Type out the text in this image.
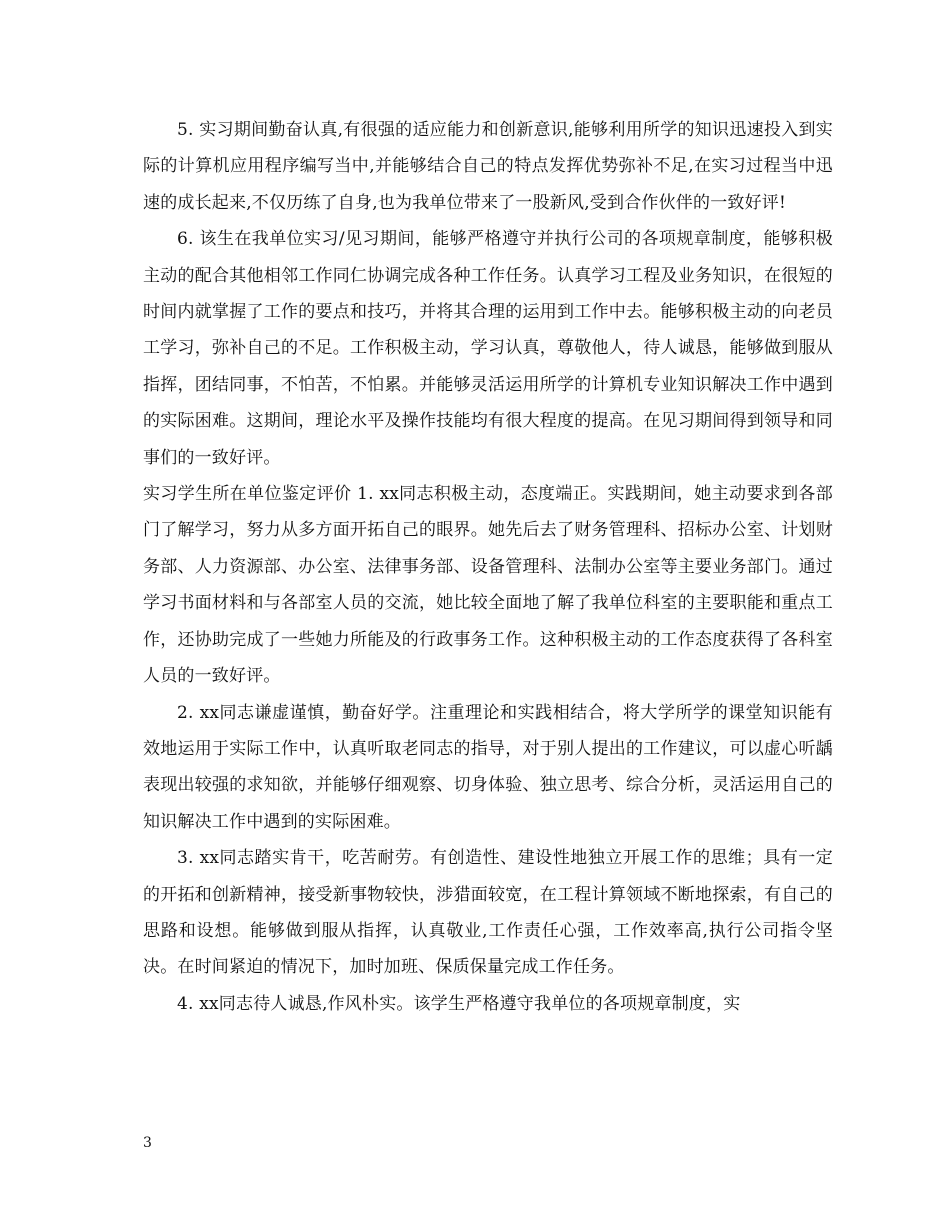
5. 实习期间勤奋认真,有很强的适应能力和创新意识,能够利用所学的知识迅速投入到实际的计算机应用程序编写当中,并能够结合自己的特点发挥优势弥补不足,在实习过程当中迅速的成长起来,不仅历练了自身,也为我单位带来了一股新风,受到合作伙伴的一致好评!

6. 该生在我单位实习/见习期间，能够严格遵守并执行公司的各项规章制度，能够积极主动的配合其他相邻工作同仁协调完成各种工作任务。认真学习工程及业务知识，在很短的时间内就掌握了工作的要点和技巧，并将其合理的运用到工作中去。能够积极主动的向老员工学习，弥补自己的不足。工作积极主动，学习认真，尊敬他人，待人诚恳，能够做到服从指挥，团结同事，不怕苦，不怕累。并能够灵活运用所学的计算机专业知识解决工作中遇到的实际困难。这期间，理论水平及操作技能均有很大程度的提高。在见习期间得到领导和同事们的一致好评。

实习学生所在单位鉴定评价 1. xx同志积极主动，态度端正。实践期间，她主动要求到各部门了解学习，努力从多方面开拓自己的眼界。她先后去了财务管理科、招标办公室、计划财务部、人力资源部、办公室、法律事务部、设备管理科、法制办公室等主要业务部门。通过学习书面材料和与各部室人员的交流，她比较全面地了解了我单位科室的主要职能和重点工作，还协助完成了一些她力所能及的行政事务工作。这种积极主动的工作态度获得了各科室人员的一致好评。

2. xx同志谦虚谨慎，勤奋好学。注重理论和实践相结合，将大学所学的课堂知识能有效地运用于实际工作中，认真听取老同志的指导，对于别人提出的工作建议，可以虚心听龋表现出较强的求知欲，并能够仔细观察、切身体验、独立思考、综合分析，灵活运用自己的知识解决工作中遇到的实际困难。

3. xx同志踏实肯干，吃苦耐劳。有创造性、建设性地独立开展工作的思维；具有一定的开拓和创新精神，接受新事物较快，涉猎面较宽，在工程计算领域不断地探索，有自己的思路和设想。能够做到服从指挥，认真敬业,工作责任心强，工作效率高,执行公司指令坚决。在时间紧迫的情况下，加时加班、保质保量完成工作任务。

4. xx同志待人诚恳,作风朴实。该学生严格遵守我单位的各项规章制度，实

3
